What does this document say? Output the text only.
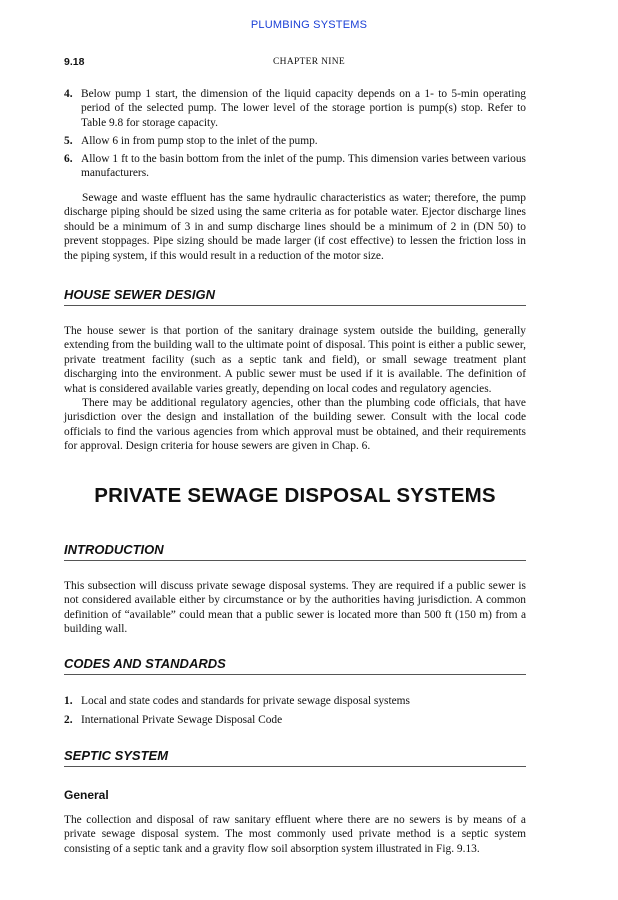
PLUMBING SYSTEMS
9.18	CHAPTER NINE
4. Below pump 1 start, the dimension of the liquid capacity depends on a 1- to 5-min operating period of the selected pump. The lower level of the storage portion is pump(s) stop. Refer to Table 9.8 for storage capacity.
5. Allow 6 in from pump stop to the inlet of the pump.
6. Allow 1 ft to the basin bottom from the inlet of the pump. This dimension varies between various manufacturers.

Sewage and waste effluent has the same hydraulic characteristics as water; therefore, the pump discharge piping should be sized using the same criteria as for potable water. Ejector discharge lines should be a minimum of 3 in and sump discharge lines should be a minimum of 2 in (DN 50) to prevent stoppages. Pipe sizing should be made larger (if cost effective) to lessen the friction loss in the piping system, if this would result in a reduction of the motor size.

HOUSE SEWER DESIGN

The house sewer is that portion of the sanitary drainage system outside the building, generally extending from the building wall to the ultimate point of disposal. This point is either a public sewer, private treatment facility (such as a septic tank and field), or small sewage treatment plant discharging into the environment. A public sewer must be used if it is available. The definition of what is considered available varies greatly, depending on local codes and regulatory agencies.

There may be additional regulatory agencies, other than the plumbing code officials, that have jurisdiction over the design and installation of the building sewer. Consult with the local code officials to find the various agencies from which approval must be obtained, and their requirements for approval. Design criteria for house sewers are given in Chap. 6.

PRIVATE SEWAGE DISPOSAL SYSTEMS
INTRODUCTION

This subsection will discuss private sewage disposal systems. They are required if a public sewer is not considered available either by circumstance or by the authorities having jurisdiction. A common definition of “available” could mean that a public sewer is located more than 500 ft (150 m) from a building wall.

CODES AND STANDARDS
1. Local and state codes and standards for private sewage disposal systems
2. International Private Sewage Disposal Code
SEPTIC SYSTEM
General

The collection and disposal of raw sanitary effluent where there are no sewers is by means of a private sewage disposal system. The most commonly used private method is a septic system consisting of a septic tank and a gravity flow soil absorption system illustrated in Fig. 9.13.
